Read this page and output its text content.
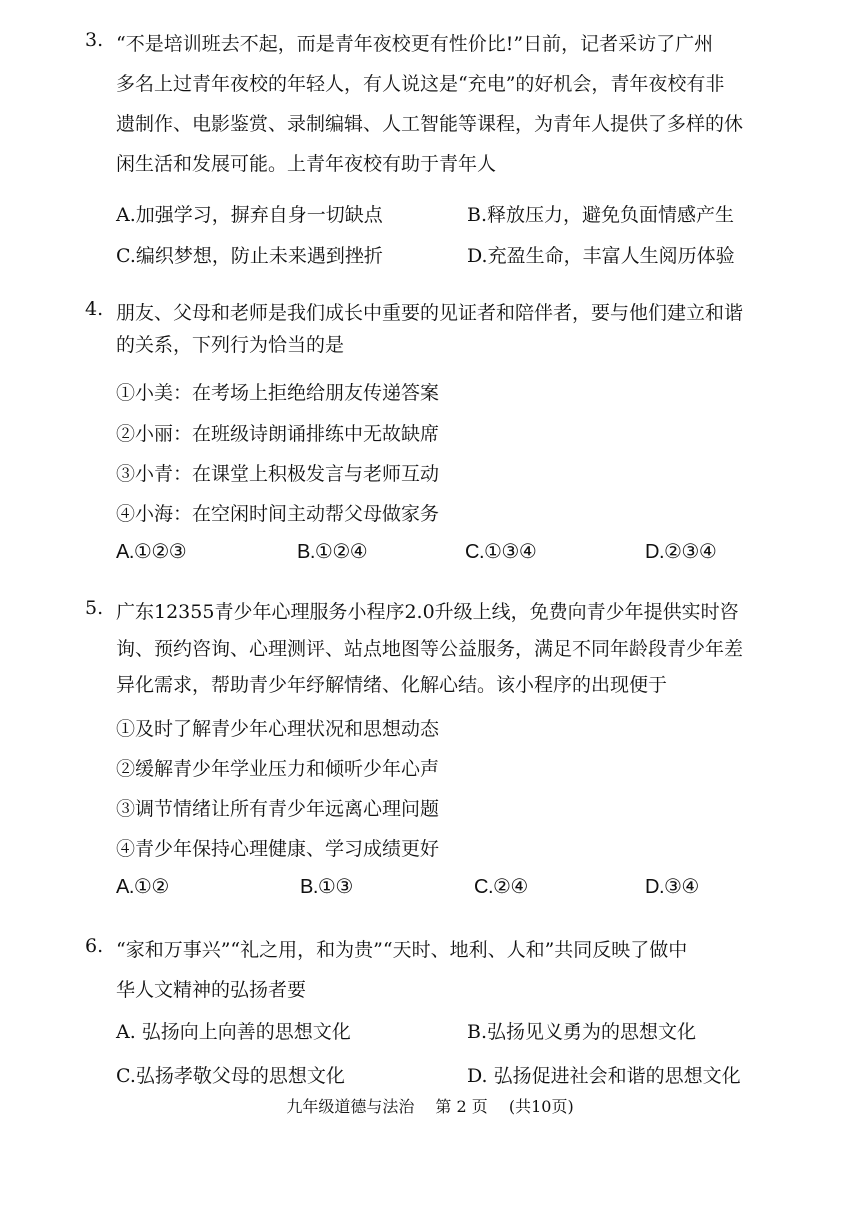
3. “不是培训班去不起，而是青年夜校更有性价比!”日前，记者采访了广州
多名上过青年夜校的年轻人，有人说这是“充电”的好机会，青年夜校有非
遗制作、电影鉴赏、录制编辑、人工智能等课程，为青年人提供了多样的休
闲生活和发展可能。上青年夜校有助于青年人
A.加强学习，摒弃自身一切缺点	B.释放压力，避免负面情感产生
C.编织梦想，防止未来遇到挫折	D.充盈生命，丰富人生阅历体验
4. 朋友、父母和老师是我们成长中重要的见证者和陪伴者，要与他们建立和谐
的关系，下列行为恰当的是
①小美：在考场上拒绝给朋友传递答案
②小丽：在班级诗朗诵排练中无故缺席
③小青：在课堂上积极发言与老师互动
④小海：在空闲时间主动帮父母做家务
A.①②③	B.①②④	C.①③④	D.②③④
5. 广东12355青少年心理服务小程序2.0升级上线，免费向青少年提供实时咨
询、预约咨询、心理测评、站点地图等公益服务，满足不同年龄段青少年差
异化需求，帮助青少年纾解情绪、化解心结。该小程序的出现便于
①及时了解青少年心理状况和思想动态
②缓解青少年学业压力和倾听少年心声
③调节情绪让所有青少年远离心理问题
④青少年保持心理健康、学习成绩更好
A.①②	B.①③	C.②④	D.③④
6. “家和万事兴”“礼之用，和为贵”“天时、地利、人和”共同反映了做中
华人文精神的弘扬者要
A. 弘扬向上向善的思想文化	B.弘扬见义勇为的思想文化
C.弘扬孝敬父母的思想文化	D. 弘扬促进社会和谐的思想文化
九年级道德与法治　 第 2 页　 (共10页)
